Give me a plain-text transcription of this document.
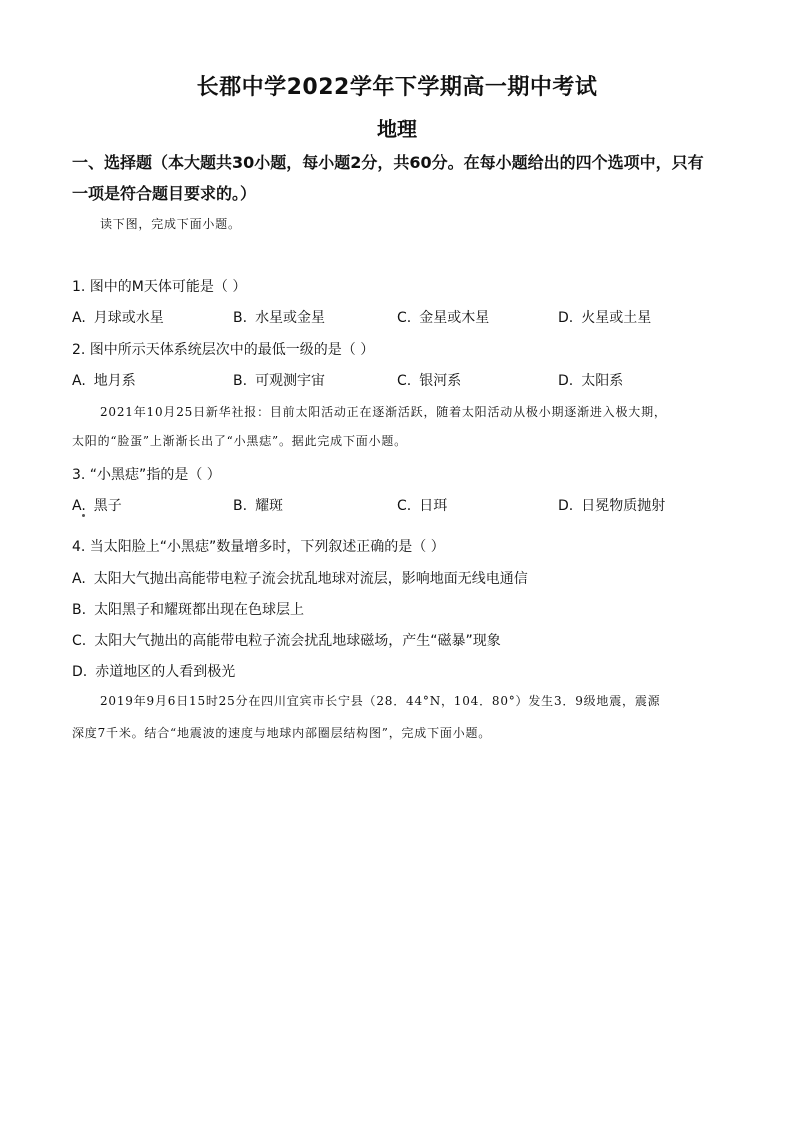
长郡中学2022学年下学期高一期中考试
地理
一、选择题（本大题共30小题，每小题2分，共60分。在每小题给出的四个选项中，只有
一项是符合题目要求的。）
读下图，完成下面小题。
1. 图中的M天体可能是（ ）
A. 月球或水星	B. 水星或金星	C. 金星或木星	D. 火星或土星
2. 图中所示天体系统层次中的最低一级的是（ ）
A. 地月系	B. 可观测宇宙	C. 银河系	D. 太阳系
2021年10月25日新华社报：目前太阳活动正在逐渐活跃，随着太阳活动从极小期逐渐进入极大期，
太阳的“脸蛋”上渐渐长出了“小黑痣”。据此完成下面小题。
3. “小黑痣”指的是（ ）
A. 黑子	B. 耀斑	C. 日珥	D. 日冕物质抛射
4. 当太阳脸上“小黑痣”数量增多时，下列叙述正确的是（ ）
A. 太阳大气抛出高能带电粒子流会扰乱地球对流层，影响地面无线电通信
B. 太阳黑子和耀斑都出现在色球层上
C. 太阳大气抛出的高能带电粒子流会扰乱地球磁场，产生“磁暴”现象
D. 赤道地区的人看到极光
2019年9月6日15时25分在四川宜宾市长宁县（28．44°N，104．80°）发生3．9级地震，震源
深度7千米。结合“地震波的速度与地球内部圈层结构图”，完成下面小题。
